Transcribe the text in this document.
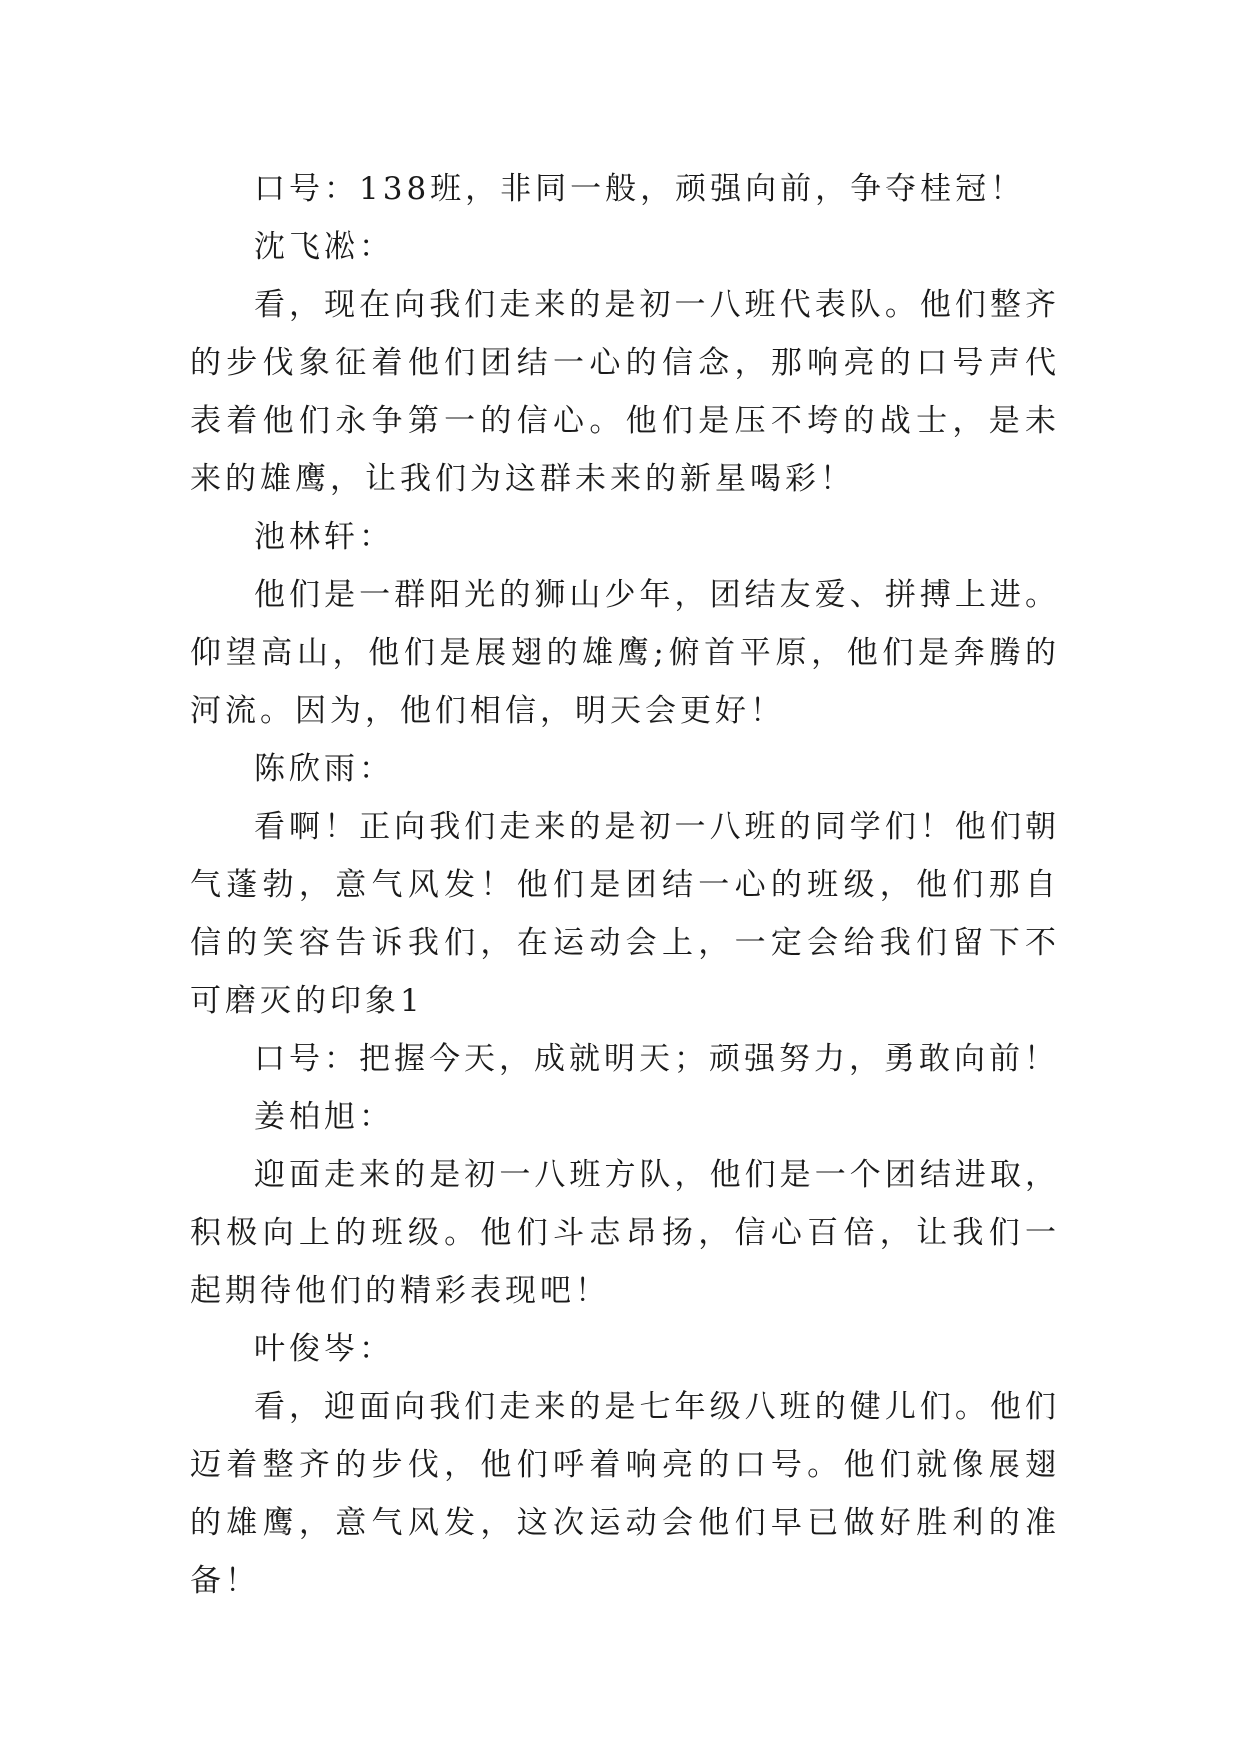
口号：138班，非同一般，顽强向前，争夺桂冠！

沈飞凇：

看，现在向我们走来的是初一八班代表队。他们整齐的步伐象征着他们团结一心的信念，那响亮的口号声代表着他们永争第一的信心。他们是压不垮的战士，是未来的雄鹰，让我们为这群未来的新星喝彩！

池林轩：

他们是一群阳光的狮山少年，团结友爱、拼搏上进。仰望高山，他们是展翅的雄鹰;俯首平原，他们是奔腾的河流。因为，他们相信，明天会更好！

陈欣雨：

看啊！正向我们走来的是初一八班的同学们！他们朝气蓬勃，意气风发！他们是团结一心的班级，他们那自信的笑容告诉我们，在运动会上，一定会给我们留下不可磨灭的印象1

口号：把握今天，成就明天；顽强努力，勇敢向前！

姜柏旭：

迎面走来的是初一八班方队，他们是一个团结进取，积极向上的班级。他们斗志昂扬，信心百倍，让我们一起期待他们的精彩表现吧！

叶俊岑：

看，迎面向我们走来的是七年级八班的健儿们。他们迈着整齐的步伐，他们呼着响亮的口号。他们就像展翅的雄鹰，意气风发，这次运动会他们早已做好胜利的准备！
